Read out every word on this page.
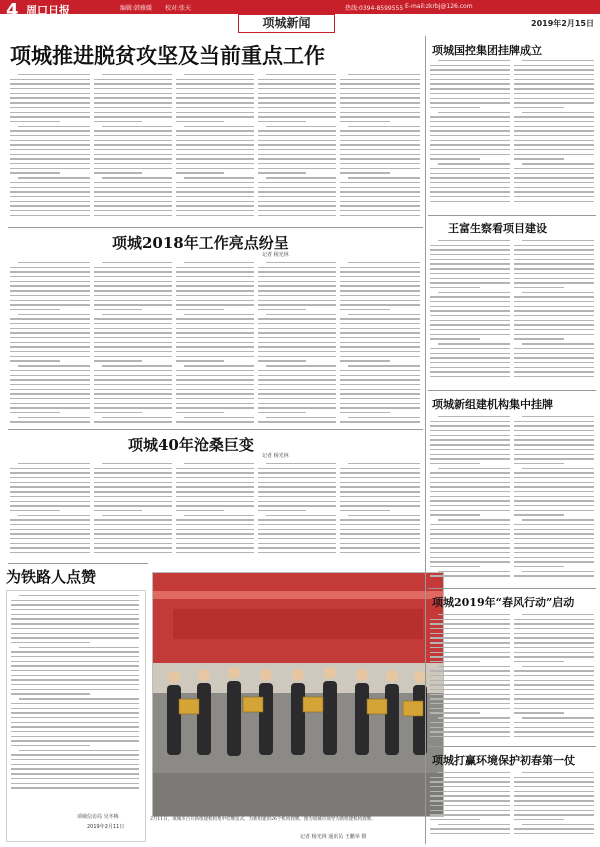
4 周口日报	编辑:韩雅媛 校对:张天	热线:0394-8599555 E-mail:zkrbj@126.com
项城新闻	2019年2月15日
项城推进脱贫攻坚及当前重点工作
项城2018年工作亮点纷呈
记者 杨光林
项城40年沧桑巨变
记者 杨光林
为铁路人点赞
项城信访局 吴冬梅
2019年2月11日
2月11日，项城市召开新组建机构集中挂牌仪式，为新组建的26个机构授牌。图为项城市领导为新组建机构授牌。
记者 杨光林 通讯员 王鹏举 摄
项城国控集团挂牌成立
王富生察看项目建设
项城新组建机构集中挂牌
项城2019年“春风行动”启动
项城打赢环境保护初春第一仗
